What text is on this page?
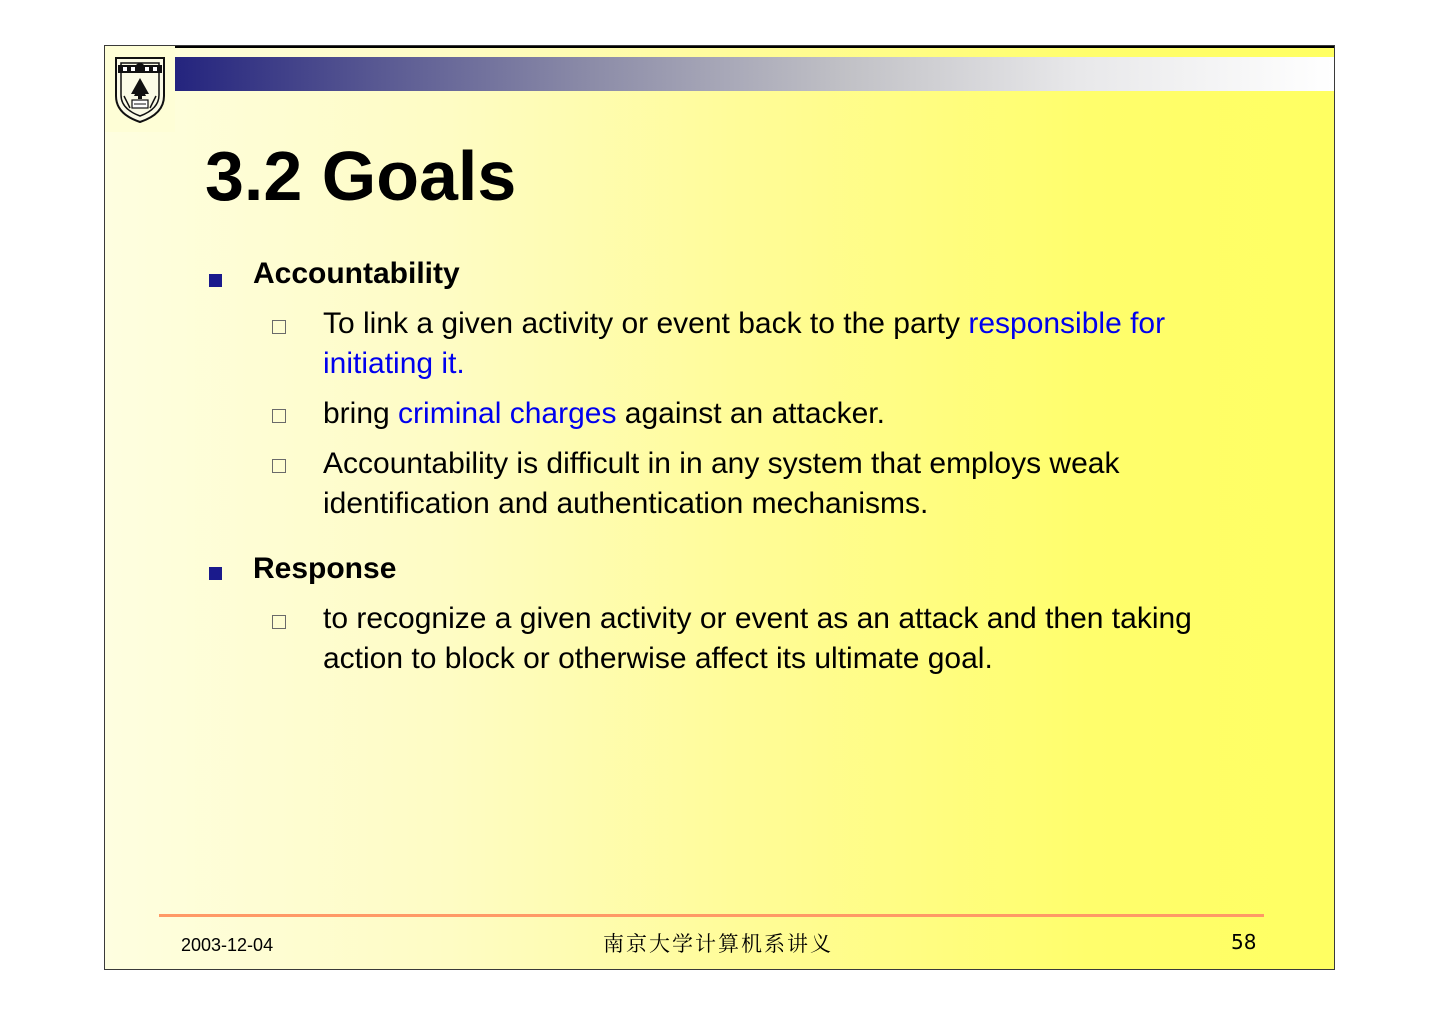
3.2 Goals
Accountability
To link a given activity or event back to the party responsible for initiating it.
bring criminal charges against an attacker.
Accountability is difficult in in any system that employs weak identification and authentication mechanisms.
Response
to recognize a given activity or event as an attack and then taking action to block or otherwise affect its ultimate goal.
2003-12-04	南京大学计算机系讲义	58
